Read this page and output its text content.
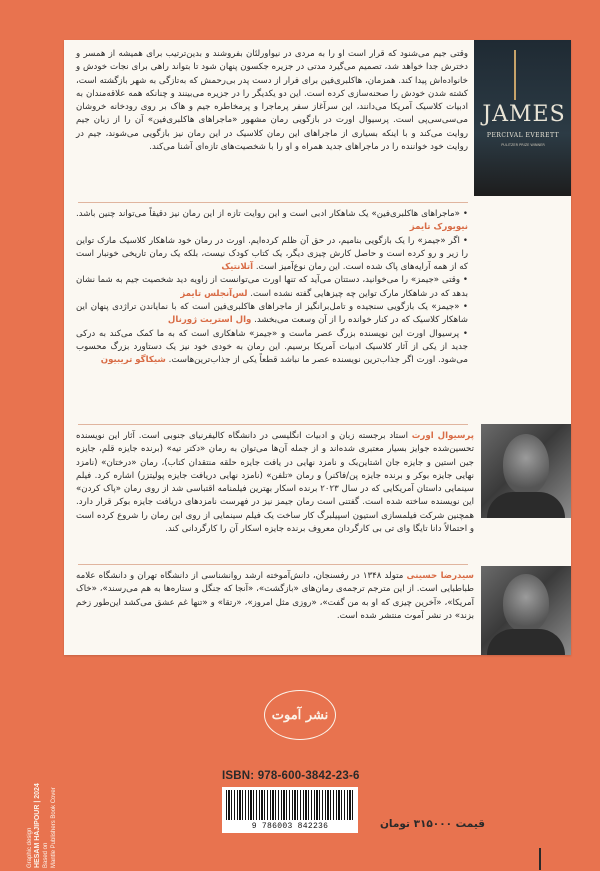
JAMES
PERCIVAL EVERETT
PULITZER PRIZE WINNER
وقتی جیم می‌شنود که قرار است او را به مردی در نیواورلئان بفروشند و بدین‌ترتیب برای همیشه از همسر و دخترش جدا خواهد شد، تصمیم می‌گیرد مدتی در جزیره جکسون پنهان شود تا بتواند راهی برای نجات خودش و خانواده‌اش پیدا کند. همزمان، هاکلبری‌فین برای فرار از دست پدر بی‌رحمش که به‌تازگی به شهر بازگشته است، کشته شدن خودش را صحنه‌سازی کرده است. این دو یکدیگر را در جزیره می‌بینند و چنانکه همه علاقه‌مندان به ادبیات کلاسیک آمریکا می‌دانند، این سرآغاز سفر پرماجرا و پرمخاطره جیم و هاک بر روی رودخانه خروشان می‌سی‌سی‌پی است. پرسیوال اورت در بازگویی رمان مشهور «ماجراهای هاکلبری‌فین» آن را از زبان جیم روایت می‌کند و با اینکه بسیاری از ماجراهای این رمان کلاسیک در این رمان نیز بازگویی می‌شوند، جیم در روایت خود خواننده را در ماجراهای جدید همراه و او را با شخصیت‌های تازه‌ای آشنا می‌کند.
• «ماجراهای هاکلبری‌فین» یک شاهکار ادبی است و این روایت تازه از این رمان نیز دقیقاً می‌تواند چنین باشد. نیویورک تایمز
• اگر «جیمز» را یک بازگویی بنامیم، در حق آن ظلم کرده‌ایم. اورت در رمان خود شاهکار کلاسیک مارک تواین را زیر و رو کرده است و حاصل کارش چیزی دیگر، یک کتاب کودک نیست، بلکه یک رمان تاریخی خونبار است که از همه آرایه‌های پاک شده است. این رمان نوع‌آمیز است. آتلانتیک
• وقتی «جیمز» را می‌خوانید، دستتان می‌آید که تنها اورت می‌توانست از زاویه دید شخصیت جیم به شما نشان بدهد که در شاهکار مارک تواین چه چیزهایی گفته نشده است. لس‌آنجلس تایمز
• «جیمز» یک بازگویی سنجیده و تامل‌برانگیز از ماجراهای هاکلبری‌فین است که با نمایاندن تراژدی پنهان این شاهکار کلاسیک که در کنار خوانده را از آن وسعت می‌بخشد. وال استریت ژورنال
• پرسیوال اورت این نویسنده بزرگ عصر ماست و «جیمز» شاهکاری است که به ما کمک می‌کند به درکی جدید از یکی از آثار کلاسیک ادبیات آمریکا برسیم. این رمان به خودی خود نیز یک دستاورد بزرگ محسوب می‌شود. اورت اگر جذاب‌ترین نویسنده عصر ما نباشد قطعاً یکی از جذاب‌ترین‌هاست. شیکاگو تریبیون
پرسیوال اورت استاد برجسته زبان و ادبیات انگلیسی در دانشگاه کالیفرنیای جنوبی است. آثار این نویسنده تحسین‌شده جوایز بسیار معتبری شده‌اند و از جمله آن‌ها می‌توان به رمان «دکتر تیه» (برنده جایزه قلم، جایزه جین استین و جایزه جان اشتاین‌بک و نامزد نهایی در یافت جایزه حلقه منتقدان کتاب)، رمان «درختان» (نامزد نهایی جایزه بوکر و برنده جایزه پن/فاکنر) و رمان «تلفن» (نامزد نهایی دریافت جایزه پولیتزر) اشاره کرد. فیلم سینمایی داستان آمریکایی که در سال ۲۰۲۳ برنده اسکار بهترین فیلمنامه اقتباسی شد از روی رمان «پاک کردن» این نویسنده ساخته شده است. گفتنی است رمان جیمز نیز در فهرست نامزدهای دریافت جایزه بوکر قرار دارد. همچنین شرکت فیلمسازی استیون اسپیلبرگ کار ساخت یک فیلم سینمایی از روی این رمان را شروع کرده است و احتمالاً دانا تایگا وای تی بی کارگردان معروف برنده جایزه اسکار آن را کارگردانی کند.
سیدرضا حسینی متولد ۱۳۴۸ در رفسنجان، دانش‌آموخته ارشد روانشناسی از دانشگاه تهران و دانشگاه علامه طباطبایی است. از این مترجم ترجمه‌ی رمان‌های «بازگشت»، «آنجا که جنگل و ستاره‌ها به هم می‌رسند»، «خاک آمریکا»، «آخرین چیزی که او به من گفت»، «روزی مثل امروز»، «رتقا» و «تنها غم عشق می‌کشد این‌طور زخم بزند» در نشر آموت منتشر شده است.
نشر آموت
Graphic design HESAM HAJIPOUR | 2024 Based on Mantle Publishers Book Cover
ISBN: 978-600-3842-23-6
9 786003 842236	قیمت ۳۱۵۰۰۰ تومان
